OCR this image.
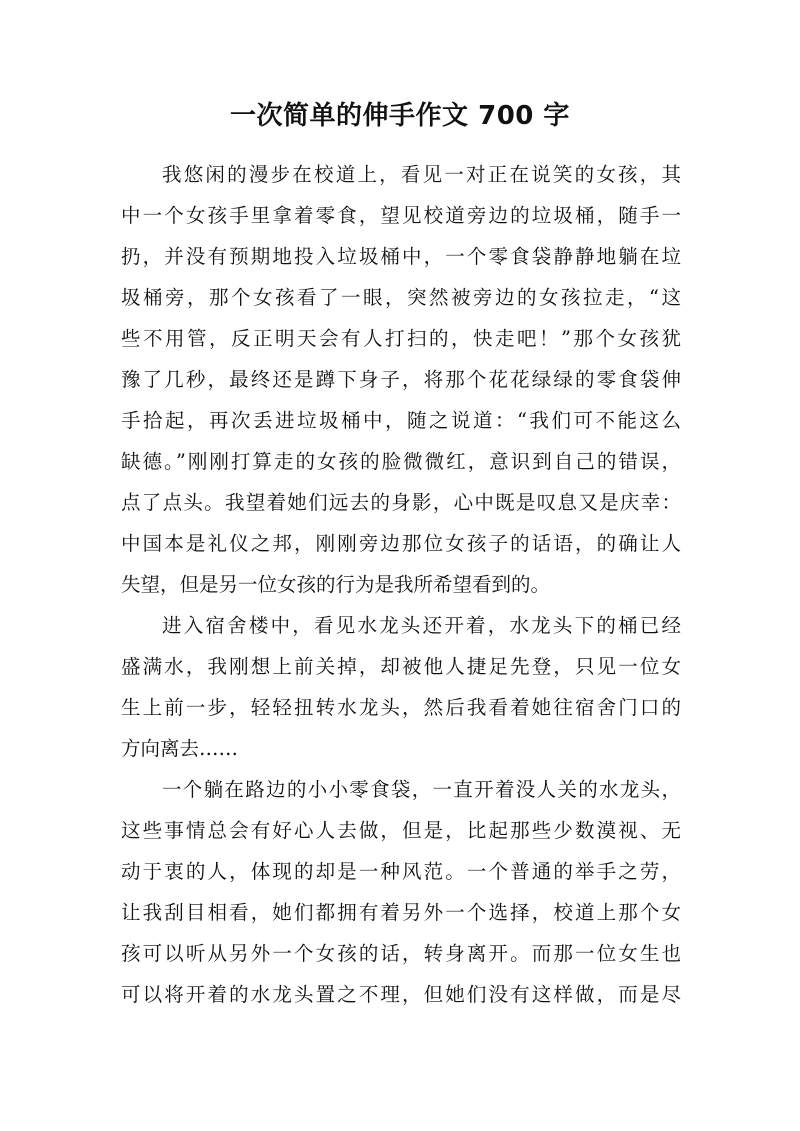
一次简单的伸手作文 700 字
我悠闲的漫步在校道上，看见一对正在说笑的女孩，其
中一个女孩手里拿着零食，望见校道旁边的垃圾桶，随手一
扔，并没有预期地投入垃圾桶中，一个零食袋静静地躺在垃
圾桶旁，那个女孩看了一眼，突然被旁边的女孩拉走，“这
些不用管，反正明天会有人打扫的，快走吧！”那个女孩犹
豫了几秒，最终还是蹲下身子，将那个花花绿绿的零食袋伸
手拾起，再次丢进垃圾桶中，随之说道：“我们可不能这么
缺德。”刚刚打算走的女孩的脸微微红，意识到自己的错误，
点了点头。我望着她们远去的身影，心中既是叹息又是庆幸：
中国本是礼仪之邦，刚刚旁边那位女孩子的话语，的确让人
失望，但是另一位女孩的行为是我所希望看到的。
进入宿舍楼中，看见水龙头还开着，水龙头下的桶已经
盛满水，我刚想上前关掉，却被他人捷足先登，只见一位女
生上前一步，轻轻扭转水龙头，然后我看着她往宿舍门口的
方向离去……
一个躺在路边的小小零食袋，一直开着没人关的水龙头，
这些事情总会有好心人去做，但是，比起那些少数漠视、无
动于衷的人，体现的却是一种风范。一个普通的举手之劳，
让我刮目相看，她们都拥有着另外一个选择，校道上那个女
孩可以听从另外一个女孩的话，转身离开。而那一位女生也
可以将开着的水龙头置之不理，但她们没有这样做，而是尽
